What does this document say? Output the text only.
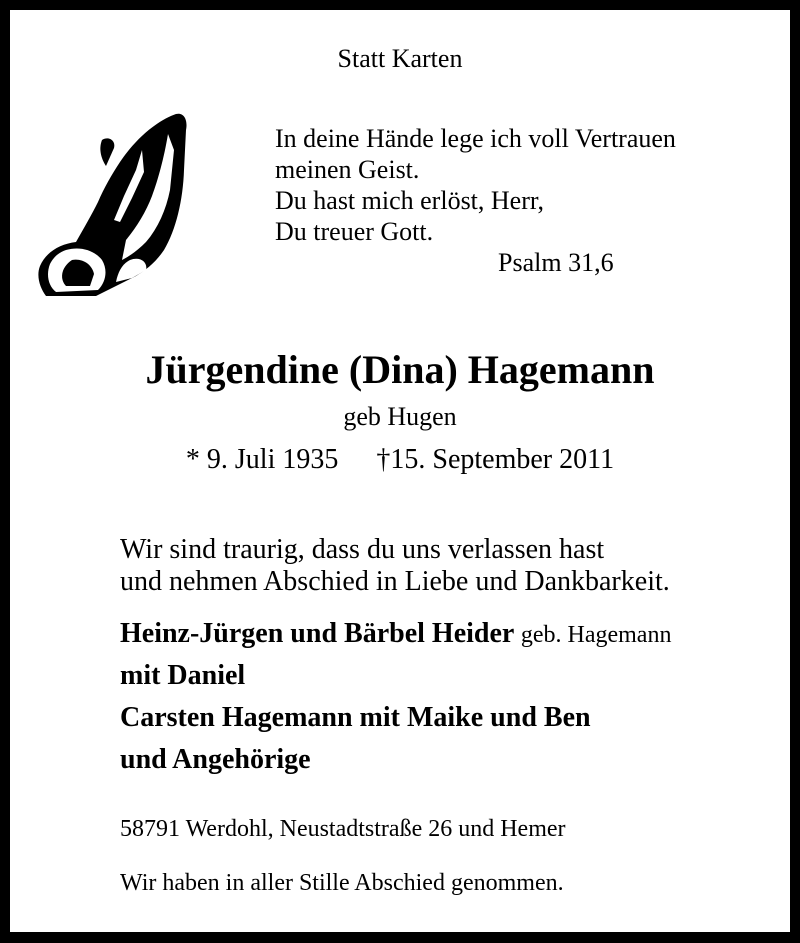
Statt Karten
In deine Hände lege ich voll Vertrauen
meinen Geist.
Du hast mich erlöst, Herr,
Du treuer Gott.
Psalm 31,6
Jürgendine (Dina) Hagemann
geb Hugen
* 9. Juli 1935 †15. September 2011
Wir sind traurig, dass du uns verlassen hast
und nehmen Abschied in Liebe und Dankbarkeit.
Heinz-Jürgen und Bärbel Heider geb. Hagemann
mit Daniel
Carsten Hagemann mit Maike und Ben
und Angehörige
58791 Werdohl, Neustadtstraße 26 und Hemer
Wir haben in aller Stille Abschied genommen.
